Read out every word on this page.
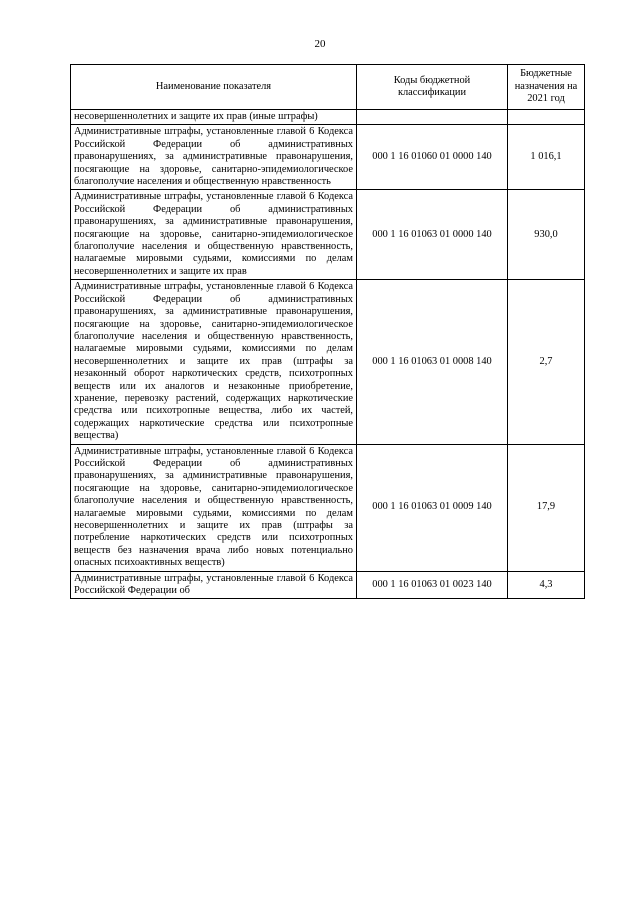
20
Наименование показателя	Коды бюджетной классификации	Бюджетные назначения на 2021 год
несовершеннолетних и защите их прав (иные штрафы)		
Административные штрафы, установленные главой 6 Кодекса Российской Федерации об административных правонарушениях, за административные правонарушения, посягающие на здоровье, санитарно-эпидемиологическое благополучие населения и общественную нравственность	000 1 16 01060 01 0000 140	1 016,1
Административные штрафы, установленные главой 6 Кодекса Российской Федерации об административных правонарушениях, за административные правонарушения, посягающие на здоровье, санитарно-эпидемиологическое благополучие населения и общественную нравственность, налагаемые мировыми судьями, комиссиями по делам несовершеннолетних и защите их прав	000 1 16 01063 01 0000 140	930,0
Административные штрафы, установленные главой 6 Кодекса Российской Федерации об административных правонарушениях, за административные правонарушения, посягающие на здоровье, санитарно-эпидемиологическое благополучие населения и общественную нравственность, налагаемые мировыми судьями, комиссиями по делам несовершеннолетних и защите их прав (штрафы за незаконный оборот наркотических средств, психотропных веществ или их аналогов и незаконные приобретение, хранение, перевозку растений, содержащих наркотические средства или психотропные вещества, либо их частей, содержащих наркотические средства или психотропные вещества)	000 1 16 01063 01 0008 140	2,7
Административные штрафы, установленные главой 6 Кодекса Российской Федерации об административных правонарушениях, за административные правонарушения, посягающие на здоровье, санитарно-эпидемиологическое благополучие населения и общественную нравственность, налагаемые мировыми судьями, комиссиями по делам несовершеннолетних и защите их прав (штрафы за потребление наркотических средств или психотропных веществ без назначения врача либо новых потенциально опасных психоактивных веществ)	000 1 16 01063 01 0009 140	17,9
Административные штрафы, установленные главой 6 Кодекса Российской Федерации об	000 1 16 01063 01 0023 140	4,3
